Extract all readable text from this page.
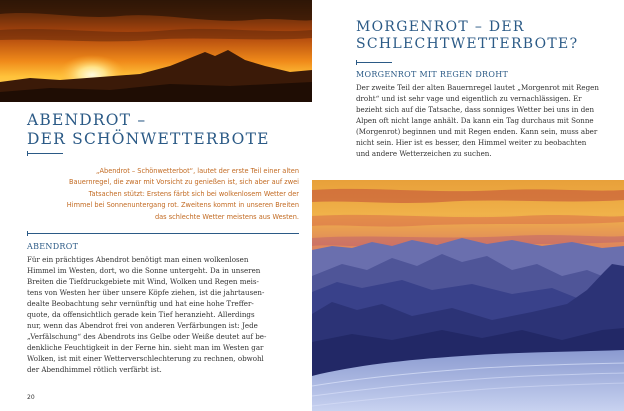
ABENDROT –
DER SCHÖNWETTERBOTE
„Abendrot – Schönwetterbot“, lautet der erste Teil einer alten
Bauernregel, die zwar mit Vorsicht zu genießen ist, sich aber auf zwei
Tatsachen stützt: Erstens färbt sich bei wolkenlosem Wetter der
Himmel bei Sonnenuntergang rot. Zweitens kommt in unseren Breiten
das schlechte Wetter meistens aus Westen.
ABENDROT
Für ein prächtiges Abendrot benötigt man einen wolkenlosen
Himmel im Westen, dort, wo die Sonne untergeht. Da in unseren
Breiten die Tiefdruckgebiete mit Wind, Wolken und Regen meis-
tens von Westen her über unsere Köpfe ziehen, ist die jahrtausen-
dealte Beobachtung sehr vernünftig und hat eine hohe Treffer-
quote, da offensichtlich gerade kein Tief heranzieht. Allerdings
nur, wenn das Abendrot frei von anderen Verfärbungen ist: Jede
„Verfälschung“ des Abendrots ins Gelbe oder Weiße deutet auf be-
denkliche Feuchtigkeit in der Ferne hin. sieht man im Westen gar
Wolken, ist mit einer Wetterverschlechterung zu rechnen, obwohl
der Abendhimmel rötlich verfärbt ist.
20
MORGENROT – DER
SCHLECHTWETTERBOTE?
MORGENROT MIT REGEN DROHT
Der zweite Teil der alten Bauernregel lautet „Morgenrot mit Regen
droht“ und ist sehr vage und eigentlich zu vernachlässigen. Er
bezieht sich auf die Tatsache, dass sonniges Wetter bei uns in den
Alpen oft nicht lange anhält. Da kann ein Tag durchaus mit Sonne
(Morgenrot) beginnen und mit Regen enden. Kann sein, muss aber
nicht sein. Hier ist es besser, den Himmel weiter zu beobachten
und andere Wetterzeichen zu suchen.
